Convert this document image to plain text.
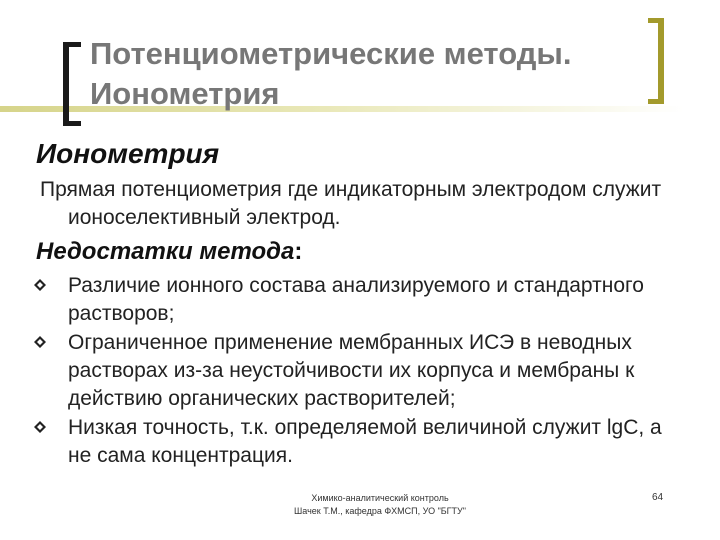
Потенциометрические методы.
Ионометрия
Ионометрия
Прямая потенциометрия где индикаторным электродом служит ионоселективный электрод.
Недостатки метода:
Различие ионного состава анализируемого и стандартного растворов;
Ограниченное применение мембранных ИСЭ в неводных растворах из-за неустойчивости их корпуса и мембраны к действию органических растворителей;
Низкая точность, т.к. определяемой величиной служит lgC, а не сама концентрация.
Химико-аналитический контроль
Шачек Т.М., кафедра ФХМСП, УО "БГТУ"
64
